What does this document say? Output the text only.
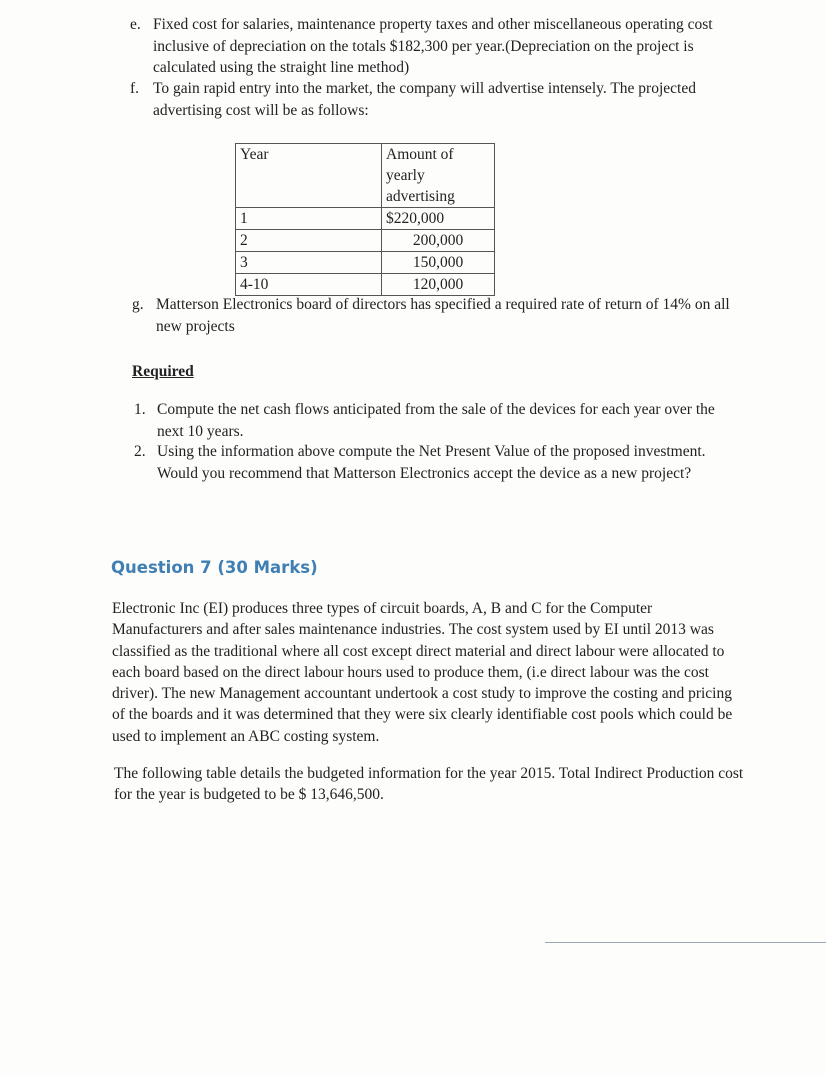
e. Fixed cost for salaries, maintenance property taxes and other miscellaneous operating cost inclusive of depreciation on the totals $182,300 per year.(Depreciation on the project is calculated using the straight line method)
f. To gain rapid entry into the market, the company will advertise intensely. The projected advertising cost will be as follows:
Year	Amount of yearly advertising
1	$220,000
2	200,000
3	150,000
4-10	120,000
g. Matterson Electronics board of directors has specified a required rate of return of 14% on all new projects
Required
1. Compute the net cash flows anticipated from the sale of the devices for each year over the next 10 years.
2. Using the information above compute the Net Present Value of the proposed investment. Would you recommend that Matterson Electronics accept the device as a new project?
Question 7 (30 Marks)
Electronic Inc (EI) produces three types of circuit boards, A, B and C for the Computer Manufacturers and after sales maintenance industries. The cost system used by EI until 2013 was classified as the traditional where all cost except direct material and direct labour were allocated to each board based on the direct labour hours used to produce them, (i.e direct labour was the cost driver). The new Management accountant undertook a cost study to improve the costing and pricing of the boards and it was determined that they were six clearly identifiable cost pools which could be used to implement an ABC costing system.
The following table details the budgeted information for the year 2015. Total Indirect Production cost for the year is budgeted to be $ 13,646,500.
